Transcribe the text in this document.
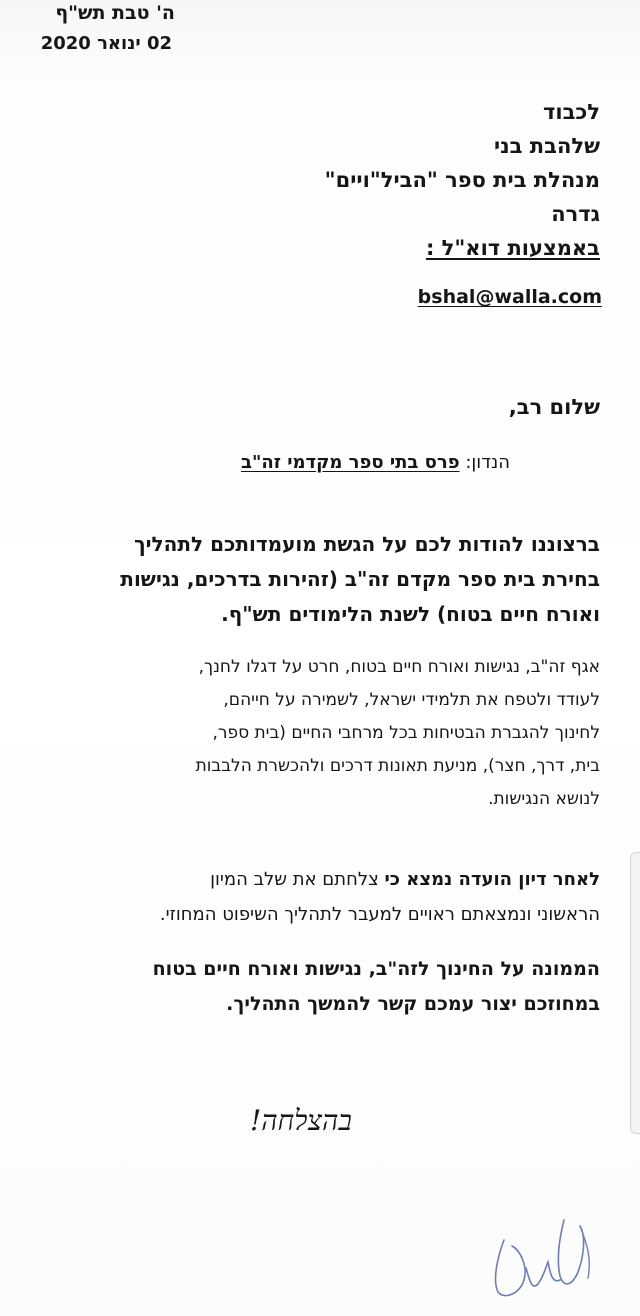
ה' טבת תש"ף

02 ינואר 2020

לכבוד

שלהבת בני

מנהלת בית ספר "הביל"ויים"

גדרה

באמצעות דוא"ל :

bshal@walla.com

שלום רב,

הנדון: פרס בתי ספר מקדמי זה"ב

ברצוננו להודות לכם על הגשת מועמדותכם לתהליך

בחירת בית ספר מקדם זה"ב (זהירות בדרכים, נגישות

ואורח חיים בטוח) לשנת הלימודים תש"ף.

אגף זה"ב, נגישות ואורח חיים בטוח, חרט על דגלו לחנך,

לעודד ולטפח את תלמידי ישראל, לשמירה על חייהם,

לחינוך להגברת הבטיחות בכל מרחבי החיים (בית ספר,

בית, דרך, חצר), מניעת תאונות דרכים ולהכשרת הלבבות

לנושא הנגישות.

לאחר דיון הועדה נמצא כי צלחתם את שלב המיון

הראשוני ונמצאתם ראויים למעבר לתהליך השיפוט המחוזי.

הממונה על החינוך לזה"ב, נגישות ואורח חיים בטוח

במחוזכם יצור עמכם קשר להמשך התהליך.

בהצלחה!
